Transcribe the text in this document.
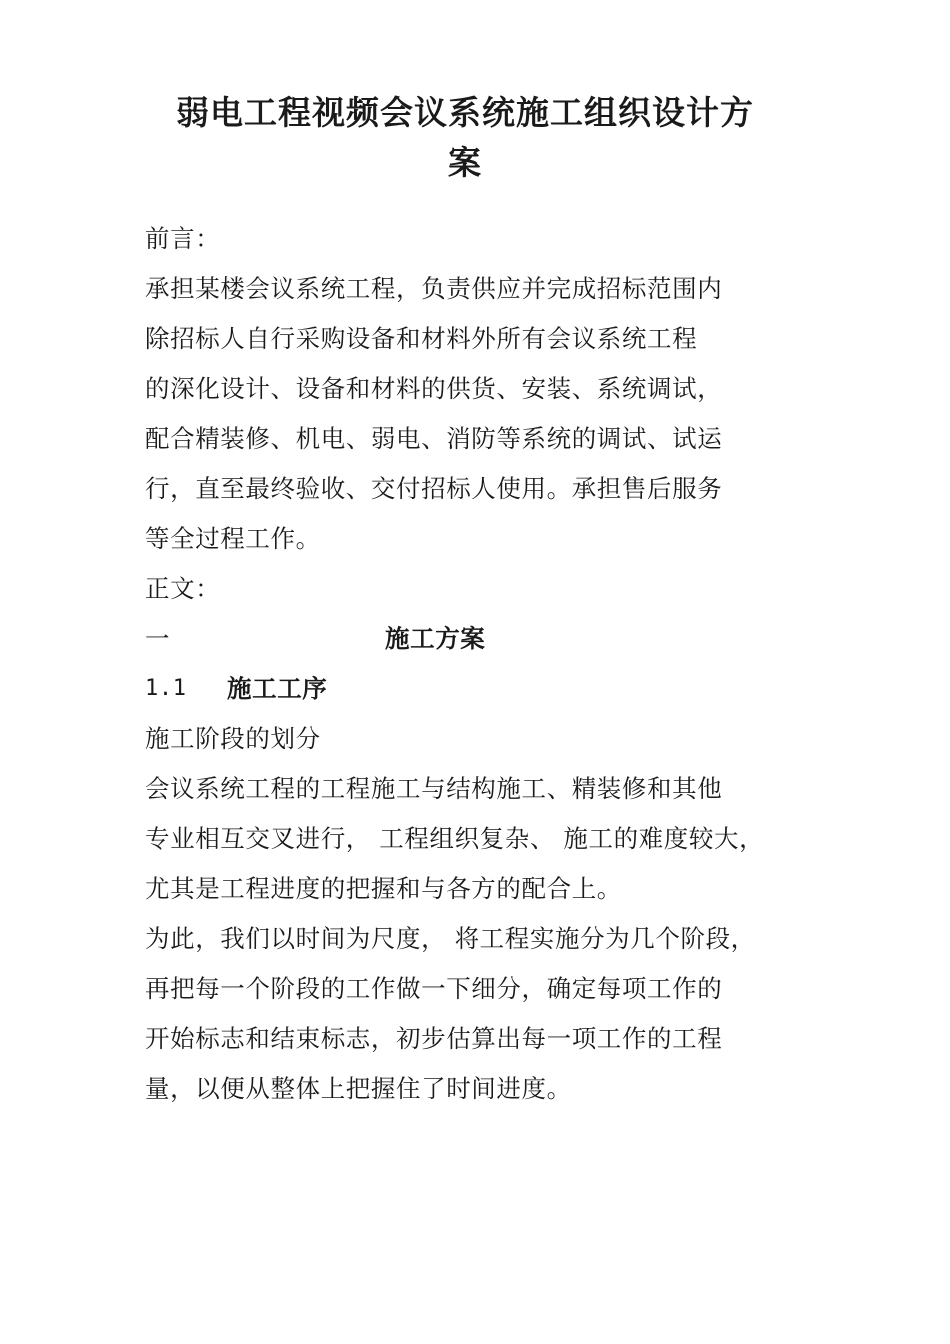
弱电工程视频会议系统施工组织设计方
案
前言：
承担某楼会议系统工程，负责供应并完成招标范围内
除招标人自行采购设备和材料外所有会议系统工程
的深化设计、设备和材料的供货、安装、系统调试，
配合精装修、机电、弱电、消防等系统的调试、试运
行，直至最终验收、交付招标人使用。承担售后服务
等全过程工作。
正文：
一	施工方案
1.1	施工工序
施工阶段的划分
会议系统工程的工程施工与结构施工、精装修和其他
专业相互交叉进行， 工程组织复杂、 施工的难度较大，
尤其是工程进度的把握和与各方的配合上。
为此，我们以时间为尺度， 将工程实施分为几个阶段，
再把每一个阶段的工作做一下细分，确定每项工作的
开始标志和结束标志，初步估算出每一项工作的工程
量，以便从整体上把握住了时间进度。
